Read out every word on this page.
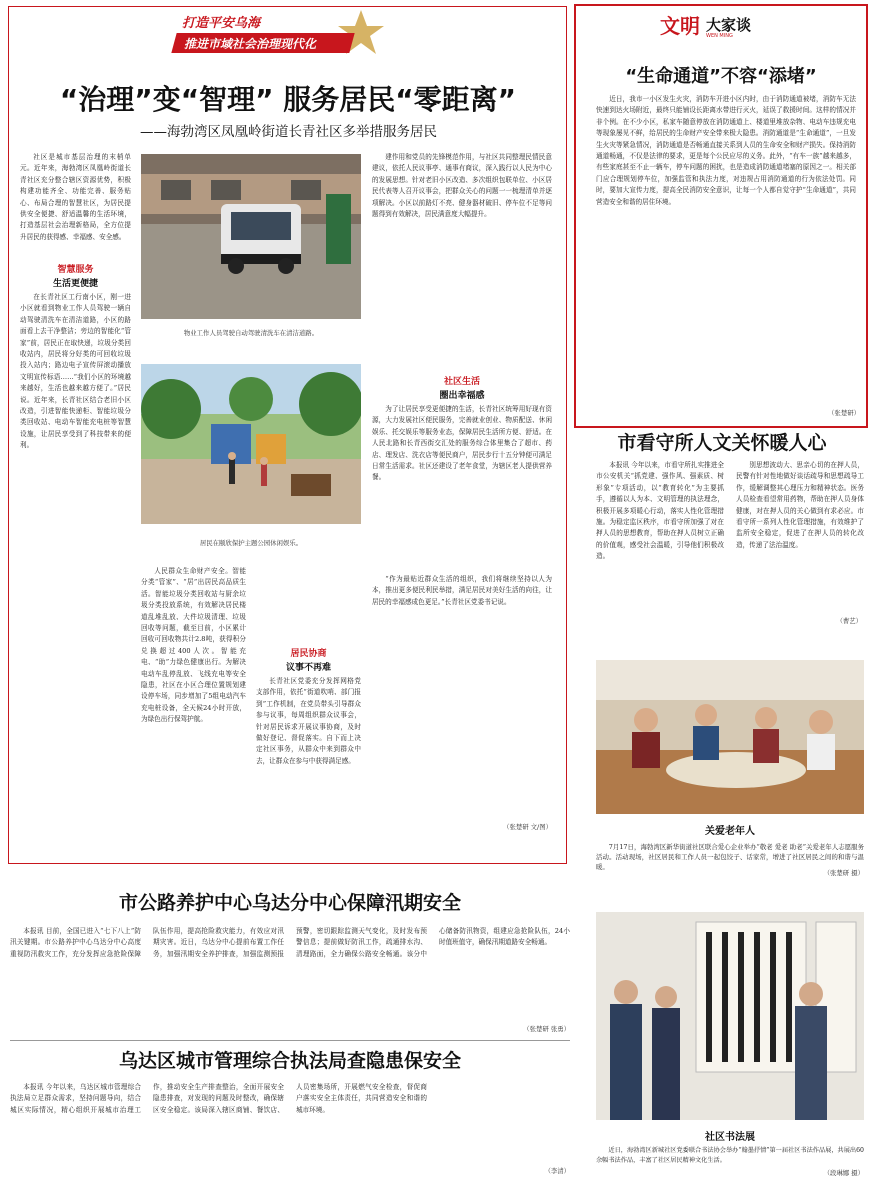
打造平安乌海
推进市域社会治理现代化
“治理”变“智理” 服务居民“零距离”
——海勃湾区凤凰岭街道长青社区多举措服务居民
社区是城市基层治理的末梢单元。近年来，海勃湾区凤凰岭街道长青社区充分整合辖区资源优势，积极构建功能齐全、功能完善、服务贴心、布局合理的智慧社区，为居民提供安全便捷、舒适温馨的生活环境，打造基层社会治理新格局，全方位提升居民的获得感、幸福感、安全感。
智慧服务
生活更便捷
在长青社区工行南小区，刚一进小区就看到物业工作人员驾驶一辆自动驾驶清洗车在清洁道路，小区的路面看上去干净整洁；旁边的智能化“管家”前，居民正在取快递，垃圾分类回收站内，居民将分好类的可回收垃圾投入站内；路边电子宣传屏滚动播放文明宣传标语……“我们小区的环境越来越好，生活也越来越方便了。”居民说。近年来，长青社区结合老旧小区改造，引进智能快递柜、智能垃圾分类回收站、电动车智能充电桩等智慧设施，让居民享受到了科技带来的便利。
物业工作人员驾驶自动驾驶清洗车在清洁道路。
居民在颐欣保护主题公园休闲娱乐。
建作用和党员的先锋模范作用，与社区共同整理民情民意建议，依托人民议事亭、通事有商议，深入践行以人民为中心的发展思想。针对老旧小区改造、多次组织包联单位、小区居民代表等人召开议事会，把群众关心的问题一一梳理清单并逐项解决。小区以前路灯不亮、健身器材破旧、停车位不足等问题得到有效解决，居民满意度大幅提升。
社区生活
圈出幸福感
为了让居民享受更便捷的生活，长青社区统筹用好现有资源，大力发展社区便民服务，完善就业创业、物质配送、休闲娱乐、托交娱乐等服务业态，保障居民生活所方便、舒适。在人民北路和长青西街交汇处的服务综合体里集合了超市、药店、理发店、洗衣店等便民商户，居民步行十五分钟便可满足日常生活需求。社区还建设了老年食堂，为辖区老人提供营养餐。
人民群众生命财产安全。智能分类“管家”、“居”出居民高品质生活。智能垃圾分类回收站与厨余垃圾分类投放系统，有效解决居民楼道乱堆乱放、大件垃圾清理、垃圾回收等问题，截至目前，小区累计回收可回收物共计2.8吨，获得积分兑换超过400人次。智能充电、“助”力绿色健康出行。为解决电动车乱停乱放、飞线充电等安全隐患，社区在小区合理位置规划建设停车场，同步增加了5组电动汽车充电桩设备，全天候24小时开放，为绿色出行保驾护航。
居民协商
议事不再难
长青社区党委充分发挥网格党支部作用，依托“街道吹哨、部门报到”工作机制，在党员带头引导群众参与议事，每周组织群众议事会，针对居民诉求开展议事协商，及时做好登记、督促落实。自下而上决定社区事务，从群众中来到群众中去，让群众在参与中获得满足感。
“作为最贴近群众生活的组织，我们将继续坚持以人为本，推出更多便民利民举措，满足居民对美好生活的向往，让居民的幸福感成色更足。”长青社区党委书记说。
（张楚研 文/图）
文明 大家谈
WEN MING
“生命通道”不容“添堵”
近日，我市一小区发生火灾，消防车开进小区内时，由于消防通道被堵，消防车无法快速到达火场附近，最终只能铺设长距离水带进行灭火，延误了救援时间。这样的情况并非个例。在不少小区，私家车随意停放在消防通道上、楼道里堆放杂物、电动车违规充电等现象屡见不鲜，给居民的生命财产安全带来极大隐患。消防通道是“生命通道”，一旦发生火灾等紧急情况，消防通道是否畅通直接关系到人员的生命安全和财产损失。保持消防通道畅通，不仅是法律的要求，更是每个公民应尽的义务。此外，“有车一族”越来越多，有些家庭甚至不止一辆车，停车问题的困扰，也是造成消防通道堵塞的原因之一。相关部门应合理规划停车位，加强监管和执法力度，对违规占用消防通道的行为依法处罚。同时，要加大宣传力度，提高全民消防安全意识，让每一个人都自觉守护“生命通道”，共同营造安全和谐的居住环境。
（张楚研）
市看守所人文关怀暖人心
本报讯 今年以来，市看守所扎实推进全市公安机关“抓党建、强作风、强素质、树形象”专项活动，以“教育转化”为主要抓手，遵循以人为本、文明管理的执法理念，积极开展多项暖心行动，落实人性化管理措施。为稳定监区秩序，市看守所加强了对在押人员的思想教育，帮助在押人员树立正确的价值观，感受社会温暖，引导他们积极改造。
别思想波动大、思亲心切的在押人员，民警有针对性地做好谈话疏导和思想疏导工作，缓解调整其心理压力和精神状态。医务人员检查看望常用药物，帮助在押人员身体健康，对在押人员的关心做到有求必应。市看守所一系列人性化管理措施，有效维护了监所安全稳定，促进了在押人员的转化改造，传递了法治温度。
（曹艺）
关爱老年人
7月17日，海勃湾区新华街道社区联合爱心企业举办“敬老 爱老 助老”关爱老年人志愿服务活动。活动现场，社区居民和工作人员一起包饺子、话家常，增进了社区居民之间的和谐与温暖。
（张楚研 摄）
市公路养护中心乌达分中心保障汛期安全
本报讯 目前，全国已进入“七下八上”防汛关键期。市公路养护中心乌达分中心高度重视防汛救灾工作，充分发挥应急抢险保障队伍作用，提高抢险救灾能力，有效应对汛期灾害。近日，乌达分中心提前布置工作任务，加强汛期安全养护排查，加强监测预报预警，密切跟踪监测天气变化，及时发布预警信息；提前做好防汛工作，疏通排水沟、清理路面，全力确保公路安全畅通。该分中心储备防汛物资，组建应急抢险队伍，24小时值班值守，确保汛期道路安全畅通。
（张楚研 张勇）
乌达区城市管理综合执法局查隐患保安全
本报讯 今年以来，乌达区城市管理综合执法局立足群众需求，坚持问题导向，结合城区实际情况，精心组织开展城市治理工作，推动安全生产排查整治，全面开展安全隐患排查，对发现的问题及时整改，确保辖区安全稳定。该局深入辖区商铺、餐饮店、人员密集场所，开展燃气安全检查，督促商户落实安全主体责任，共同营造安全和谐的城市环境。
（李清）
社区书法展
近日，海勃湾区新城社区党委联合书法协会举办“翰墨抒情”第一届社区书法作品展，共展出60余幅书法作品，丰富了社区居民精神文化生活。
（段琳娜 摄）
